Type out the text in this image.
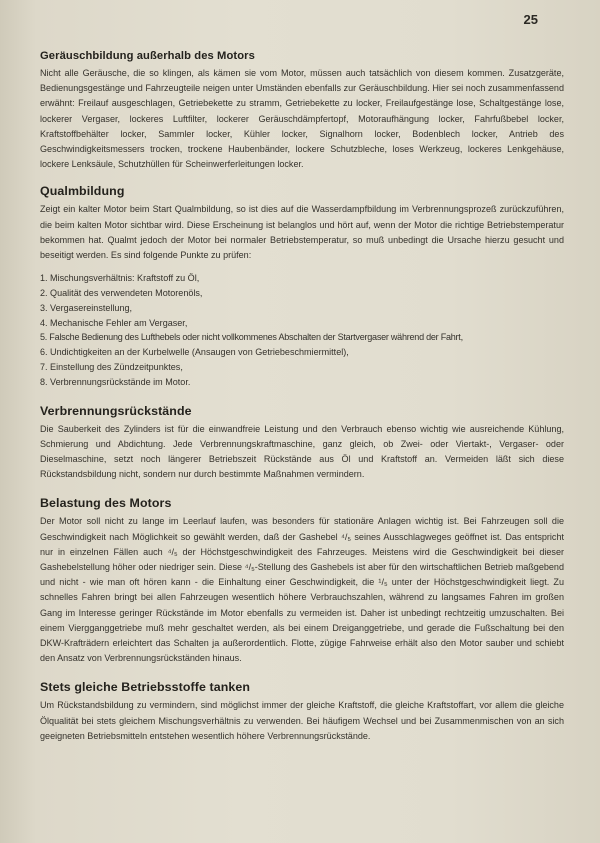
25
Geräuschbildung außerhalb des Motors

Nicht alle Geräusche, die so klingen, als kämen sie vom Motor, müssen auch tatsächlich von diesem kommen. Zusatzgeräte, Bedienungsgestänge und Fahrzeugteile neigen unter Umständen ebenfalls zur Geräuschbildung. Hier sei noch zusammenfassend erwähnt: Freilauf ausgeschlagen, Getriebekette zu stramm, Getriebekette zu locker, Freilaufgestänge lose, Schaltgestänge lose, lockerer Vergaser, lockeres Luftfilter, lockerer Geräuschdämpfertopf, Motoraufhängung locker, Fahrfußbebel locker, Kraftstoffbehälter locker, Sammler locker, Kühler locker, Signalhorn locker, Bodenblech locker, Antrieb des Geschwindigkeitsmessers trocken, trockene Haubenbänder, lockere Schutzbleche, loses Werkzeug, lockeres Lenkgehäuse, lockere Lenksäule, Schutzhüllen für Scheinwerferleitungen locker.

Qualmbildung

Zeigt ein kalter Motor beim Start Qualmbildung, so ist dies auf die Wasserdampfbildung im Verbrennungsprozeß zurückzuführen, die beim kalten Motor sichtbar wird. Diese Erscheinung ist belanglos und hört auf, wenn der Motor die richtige Betriebstemperatur bekommen hat. Qualmt jedoch der Motor bei normaler Betriebstemperatur, so muß unbedingt die Ursache hierzu gesucht und beseitigt werden. Es sind folgende Punkte zu prüfen:

1. Mischungsverhältnis: Kraftstoff zu Öl,
2. Qualität des verwendeten Motorenöls,
3. Vergasereinstellung,
4. Mechanische Fehler am Vergaser,
5. Falsche Bedienung des Lufthebels oder nicht vollkommenes Abschalten der Startvergaser während der Fahrt,
6. Undichtigkeiten an der Kurbelwelle (Ansaugen von Getriebeschmiermittel),
7. Einstellung des Zündzeitpunktes,
8. Verbrennungsrückstände im Motor.
Verbrennungsrückstände

Die Sauberkeit des Zylinders ist für die einwandfreie Leistung und den Verbrauch ebenso wichtig wie ausreichende Kühlung, Schmierung und Abdichtung. Jede Verbrennungskraftmaschine, ganz gleich, ob Zwei- oder Viertakt-, Vergaser- oder Dieselmaschine, setzt noch längerer Betriebszeit Rückstände aus Öl und Kraftstoff an. Vermeiden läßt sich diese Rückstandsbildung nicht, sondern nur durch bestimmte Maßnahmen vermindern.

Belastung des Motors

Der Motor soll nicht zu lange im Leerlauf laufen, was besonders für stationäre Anlagen wichtig ist. Bei Fahrzeugen soll die Geschwindigkeit nach Möglichkeit so gewählt werden, daß der Gashebel ⁴/₅ seines Ausschlagweges geöffnet ist. Das entspricht nur in einzelnen Fällen auch ⁴/₅ der Höchstgeschwindigkeit des Fahrzeuges. Meistens wird die Geschwindigkeit bei dieser Gashebelstellung höher oder niedriger sein. Diese ⁴/₅-Stellung des Gashebels ist aber für den wirtschaftlichen Betrieb maßgebend und nicht - wie man oft hören kann - die Einhaltung einer Geschwindigkeit, die ¹/₅ unter der Höchstgeschwindigkeit liegt. Zu schnelles Fahren bringt bei allen Fahrzeugen wesentlich höhere Verbrauchszahlen, während zu langsames Fahren im großen Gang im Interesse geringer Rückstände im Motor ebenfalls zu vermeiden ist. Daher ist unbedingt rechtzeitig umzuschalten. Bei einem Viergganggetriebe muß mehr geschaltet werden, als bei einem Dreiganggetriebe, und gerade die Fußschaltung bei den DKW-Krafträdern erleichtert das Schalten ja außerordentlich. Flotte, zügige Fahrweise erhält also den Motor sauber und schiebt den Ansatz von Verbrennungsrückständen hinaus.

Stets gleiche Betriebsstoffe tanken

Um Rückstandsbildung zu vermindern, sind möglichst immer der gleiche Kraftstoff, die gleiche Kraftstoffart, vor allem die gleiche Ölqualität bei stets gleichem Mischungsverhältnis zu verwenden. Bei häufigem Wechsel und bei Zusammenmischen von an sich geeigneten Betriebsmitteln entstehen wesentlich höhere Verbrennungsrückstände.
